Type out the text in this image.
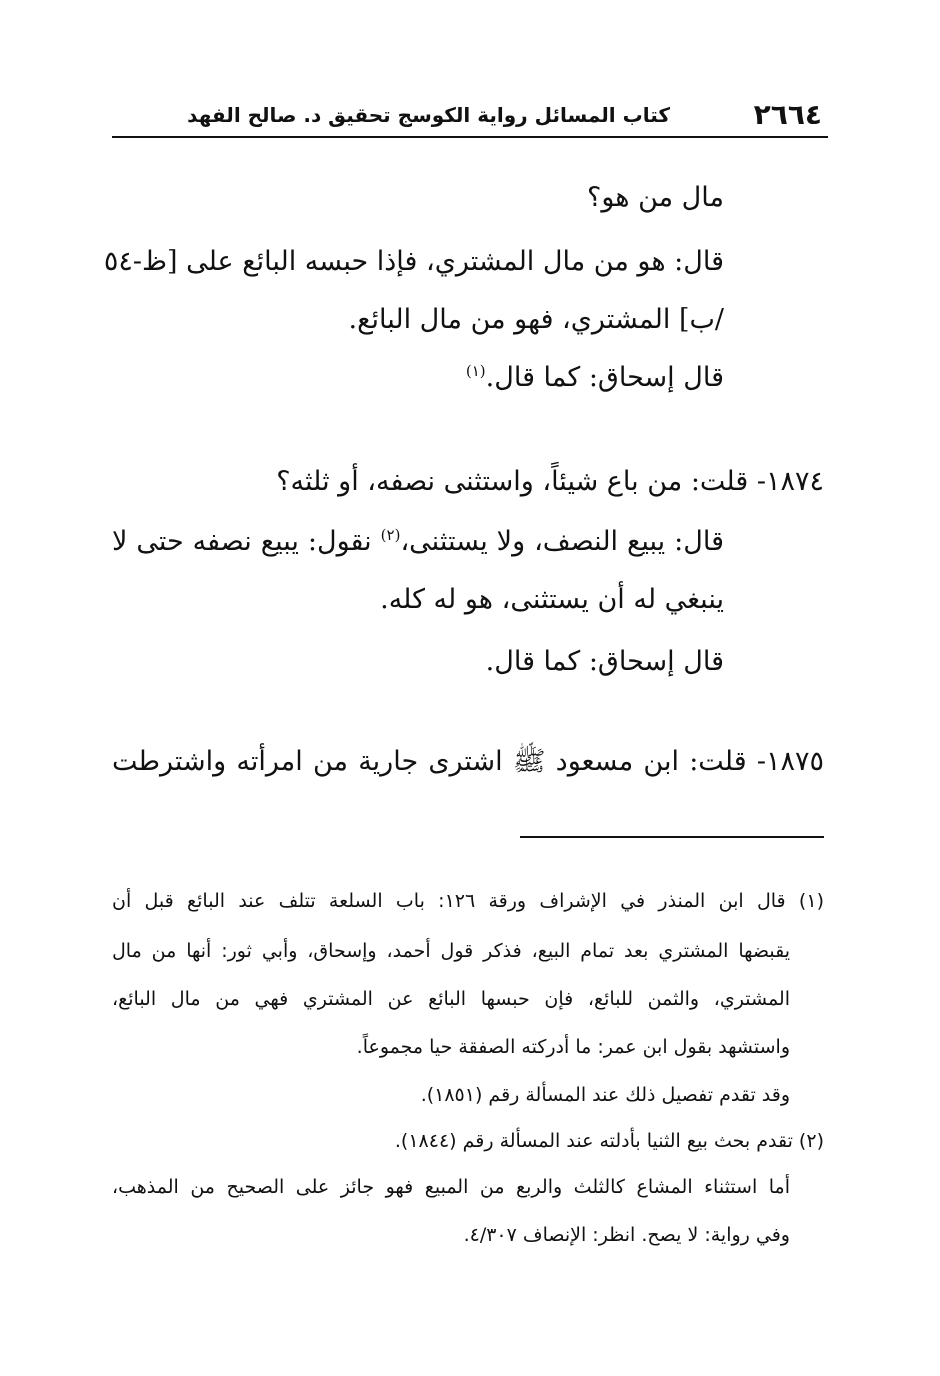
٢٦٦٤
كتاب المسائل رواية الكوسج تحقيق د. صالح الفهد
مال من هو؟
قال: هو من مال المشتري، فإذا حبسه البائع على [ظ-٥٤
/ب] المشتري، فهو من مال البائع.
قال إسحاق: كما قال.$^{(١)}$
١٨٧٤- قلت: من باع شيئاً، واستثنى نصفه، أو ثلثه؟
قال: يبيع النصف، ولا يستثنى،$^{(٢)}$ نقول: يبيع نصفه حتى لا
ينبغي له أن يستثنى، هو له كله.
قال إسحاق: كما قال.
١٨٧٥- قلت: ابن مسعود ﷺ اشترى جارية من امرأته واشترطت
(١) قال ابن المنذر في الإشراف ورقة ١٢٦: باب السلعة تتلف عند البائع قبل أن
يقبضها المشتري بعد تمام البيع، فذكر قول أحمد، وإسحاق، وأبي ثور: أنها من مال
المشتري، والثمن للبائع، فإن حبسها البائع عن المشتري فهي من مال البائع،
واستشهد بقول ابن عمر: ما أدركته الصفقة حيا مجموعاً.
وقد تقدم تفصيل ذلك عند المسألة رقم (١٨٥١).
(٢) تقدم بحث بيع الثنيا بأدلته عند المسألة رقم (١٨٤٤).
أما استثناء المشاع كالثلث والربع من المبيع فهو جائز على الصحيح من المذهب،
وفي رواية: لا يصح. انظر: الإنصاف ٤/٣٠٧.
